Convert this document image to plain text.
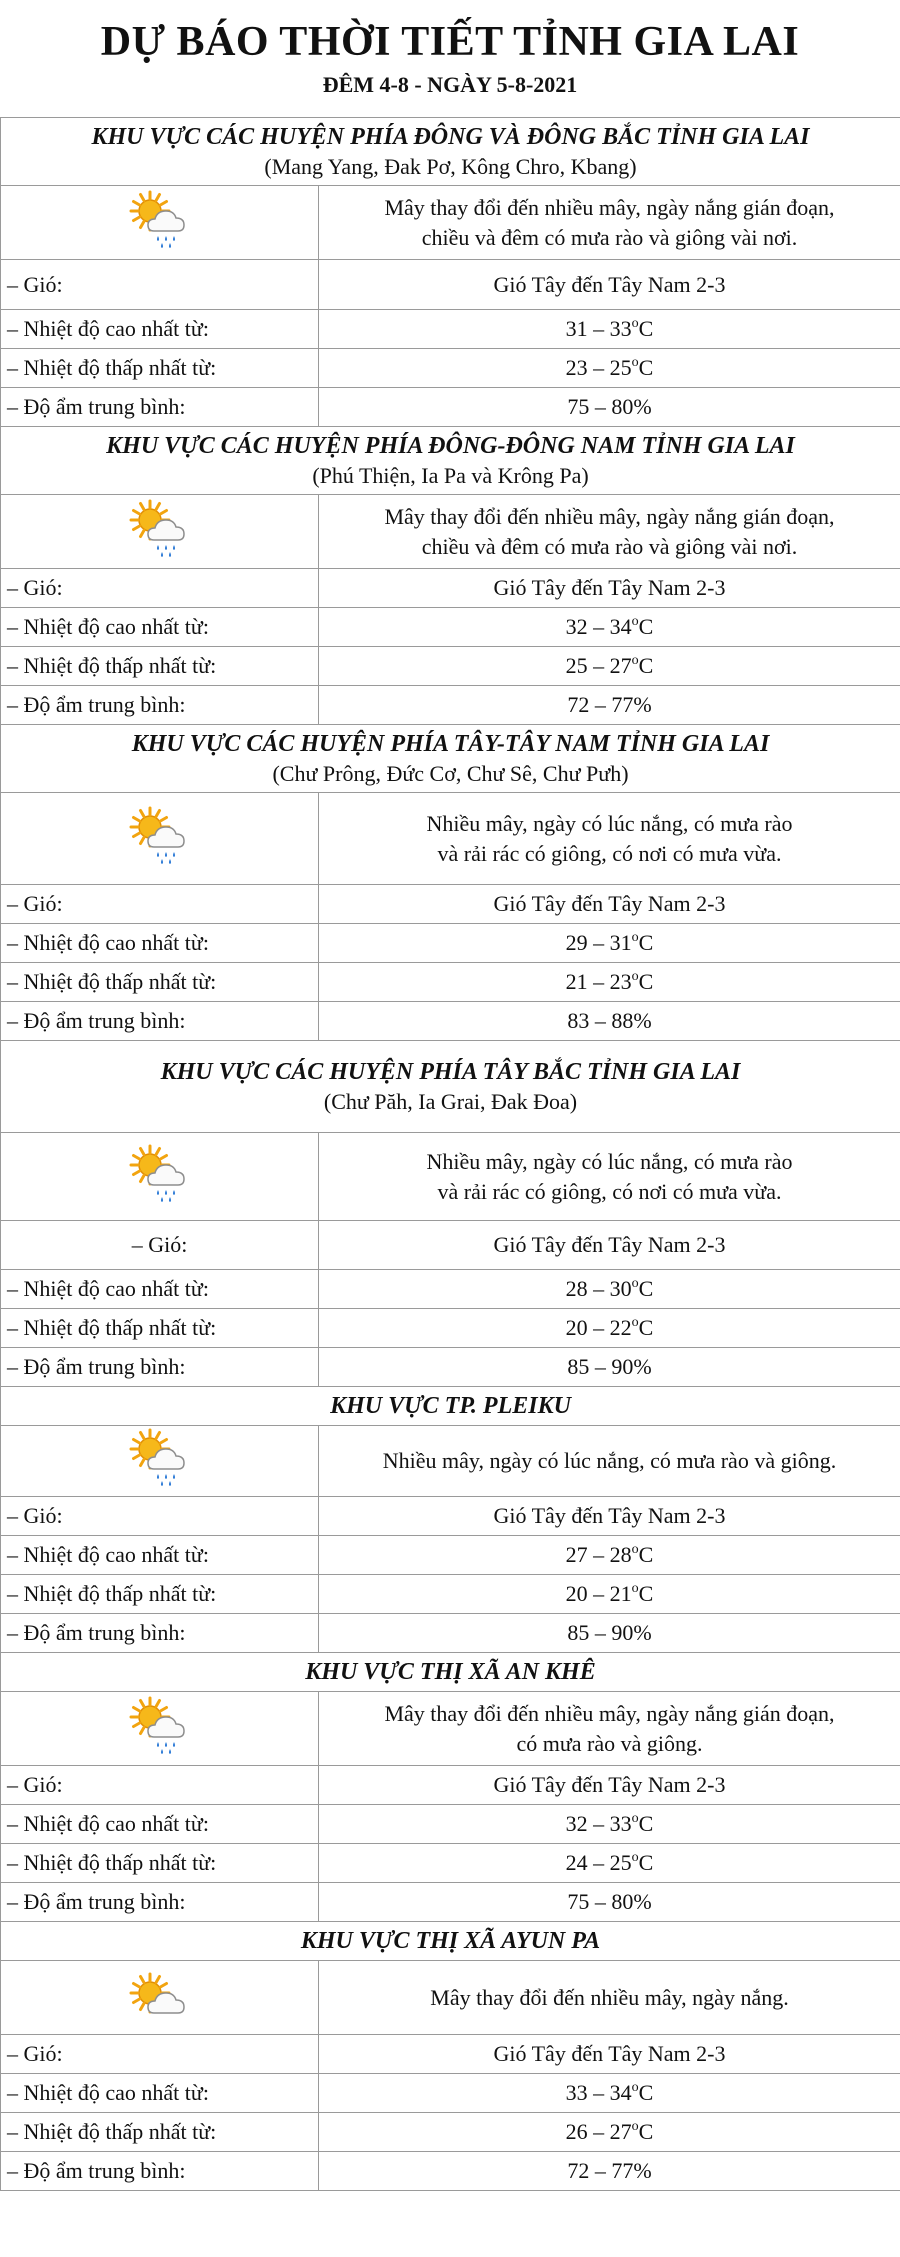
DỰ BÁO THỜI TIẾT TỈNH GIA LAI
ĐÊM 4-8 - NGÀY 5-8-2021
KHU VỰC CÁC HUYỆN PHÍA ĐÔNG VÀ ĐÔNG BẮC TỈNH GIA LAI
(Mang Yang, Đak Pơ, Kông Chro, Kbang)	

Mây thay đổi đến nhiều mây, ngày nắng gián đoạn,
chiều và đêm có mưa rào và giông vài nơi.

– Gió:	Gió Tây đến Tây Nam 2-3
– Nhiệt độ cao nhất từ:	31 – 33$^o$C
– Nhiệt độ thấp nhất từ:	23 – 25$^o$C
– Độ ẩm trung bình:	75 – 80%

KHU VỰC CÁC HUYỆN PHÍA ĐÔNG-ĐÔNG NAM TỈNH GIA LAI
(Phú Thiện, Ia Pa và Krông Pa)	

Mây thay đổi đến nhiều mây, ngày nắng gián đoạn,
chiều và đêm có mưa rào và giông vài nơi.

– Gió:	Gió Tây đến Tây Nam 2-3
– Nhiệt độ cao nhất từ:	32 – 34$^o$C
– Nhiệt độ thấp nhất từ:	25 – 27$^o$C
– Độ ẩm trung bình:	72 – 77%

KHU VỰC CÁC HUYỆN PHÍA TÂY-TÂY NAM TỈNH GIA LAI
(Chư Prông, Đức Cơ, Chư Sê, Chư Pưh)	

Nhiều mây, ngày có lúc nắng, có mưa rào
và rải rác có giông, có nơi có mưa vừa.

– Gió:	Gió Tây đến Tây Nam 2-3
– Nhiệt độ cao nhất từ:	29 – 31$^o$C
– Nhiệt độ thấp nhất từ:	21 – 23$^o$C
– Độ ẩm trung bình:	83 – 88%

KHU VỰC CÁC HUYỆN PHÍA TÂY BẮC TỈNH GIA LAI
(Chư Păh, Ia Grai, Đak Đoa)	

Nhiều mây, ngày có lúc nắng, có mưa rào
và rải rác có giông, có nơi có mưa vừa.

– Gió:	Gió Tây đến Tây Nam 2-3
– Nhiệt độ cao nhất từ:	28 – 30$^o$C
– Nhiệt độ thấp nhất từ:	20 – 22$^o$C
– Độ ẩm trung bình:	85 – 90%

KHU VỰC TP. PLEIKU	

Nhiều mây, ngày có lúc nắng, có mưa rào và giông.

– Gió:	Gió Tây đến Tây Nam 2-3
– Nhiệt độ cao nhất từ:	27 – 28$^o$C
– Nhiệt độ thấp nhất từ:	20 – 21$^o$C
– Độ ẩm trung bình:	85 – 90%

KHU VỰC THỊ XÃ AN KHÊ	

Mây thay đổi đến nhiều mây, ngày nắng gián đoạn,
có mưa rào và giông.

– Gió:	Gió Tây đến Tây Nam 2-3
– Nhiệt độ cao nhất từ:	32 – 33$^o$C
– Nhiệt độ thấp nhất từ:	24 – 25$^o$C
– Độ ẩm trung bình:	75 – 80%

KHU VỰC THỊ XÃ AYUN PA	

Mây thay đổi đến nhiều mây, ngày nắng.

– Gió:	Gió Tây đến Tây Nam 2-3
– Nhiệt độ cao nhất từ:	33 – 34$^o$C
– Nhiệt độ thấp nhất từ:	26 – 27$^o$C
– Độ ẩm trung bình:	72 – 77%
